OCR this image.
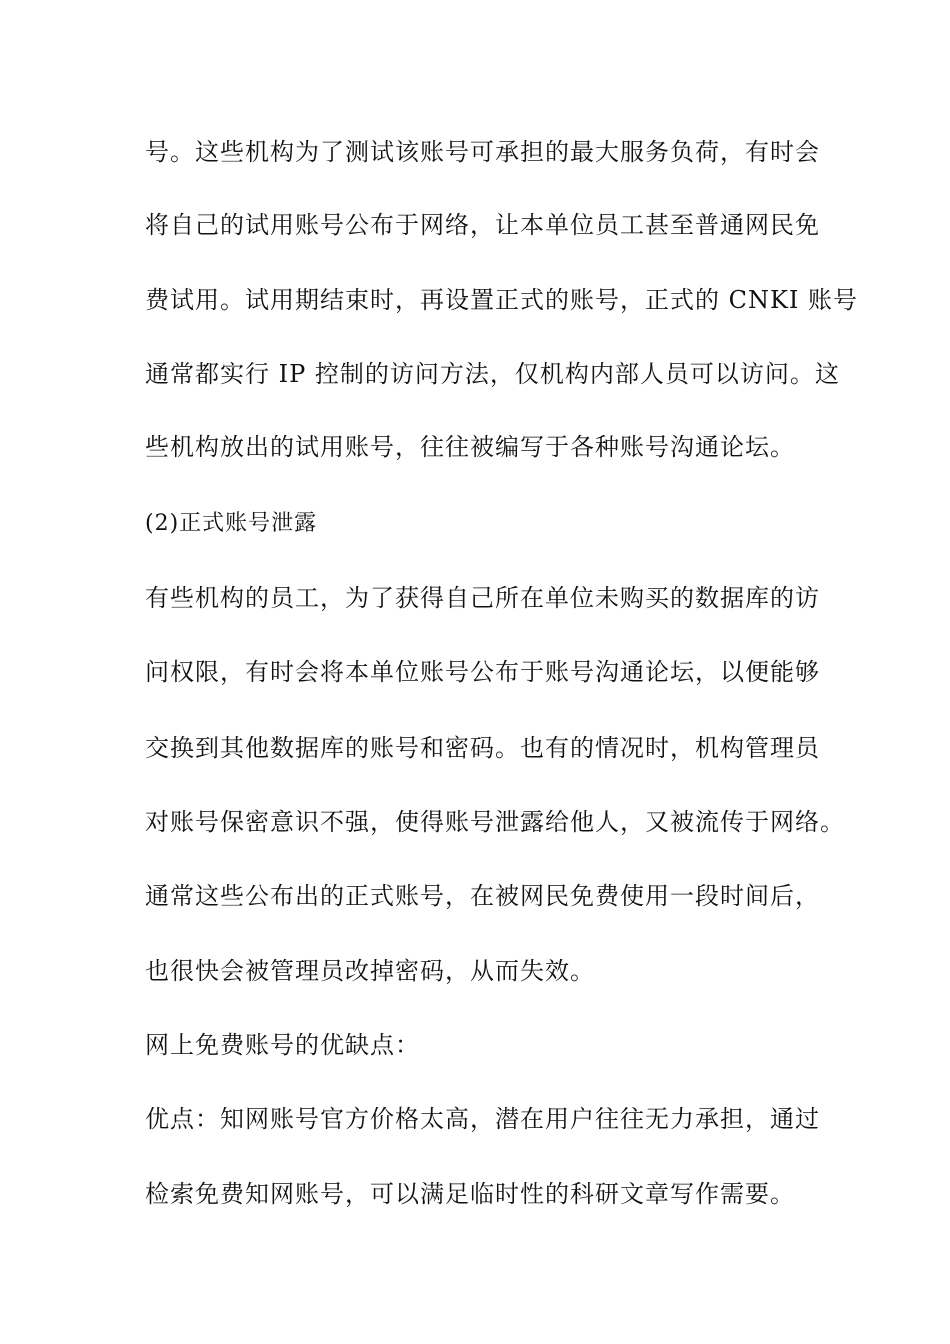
号。这些机构为了测试该账号可承担的最大服务负荷，有时会
将自己的试用账号公布于网络，让本单位员工甚至普通网民免
费试用。试用期结束时，再设置正式的账号，正式的 CNKI 账号
通常都实行 IP 控制的访问方法，仅机构内部人员可以访问。这
些机构放出的试用账号，往往被编写于各种账号沟通论坛。
(2)正式账号泄露
有些机构的员工，为了获得自己所在单位未购买的数据库的访
问权限，有时会将本单位账号公布于账号沟通论坛，以便能够
交换到其他数据库的账号和密码。也有的情况时，机构管理员
对账号保密意识不强，使得账号泄露给他人，又被流传于网络。
通常这些公布出的正式账号，在被网民免费使用一段时间后，
也很快会被管理员改掉密码，从而失效。
网上免费账号的优缺点：
优点：知网账号官方价格太高，潜在用户往往无力承担，通过
检索免费知网账号，可以满足临时性的科研文章写作需要。
